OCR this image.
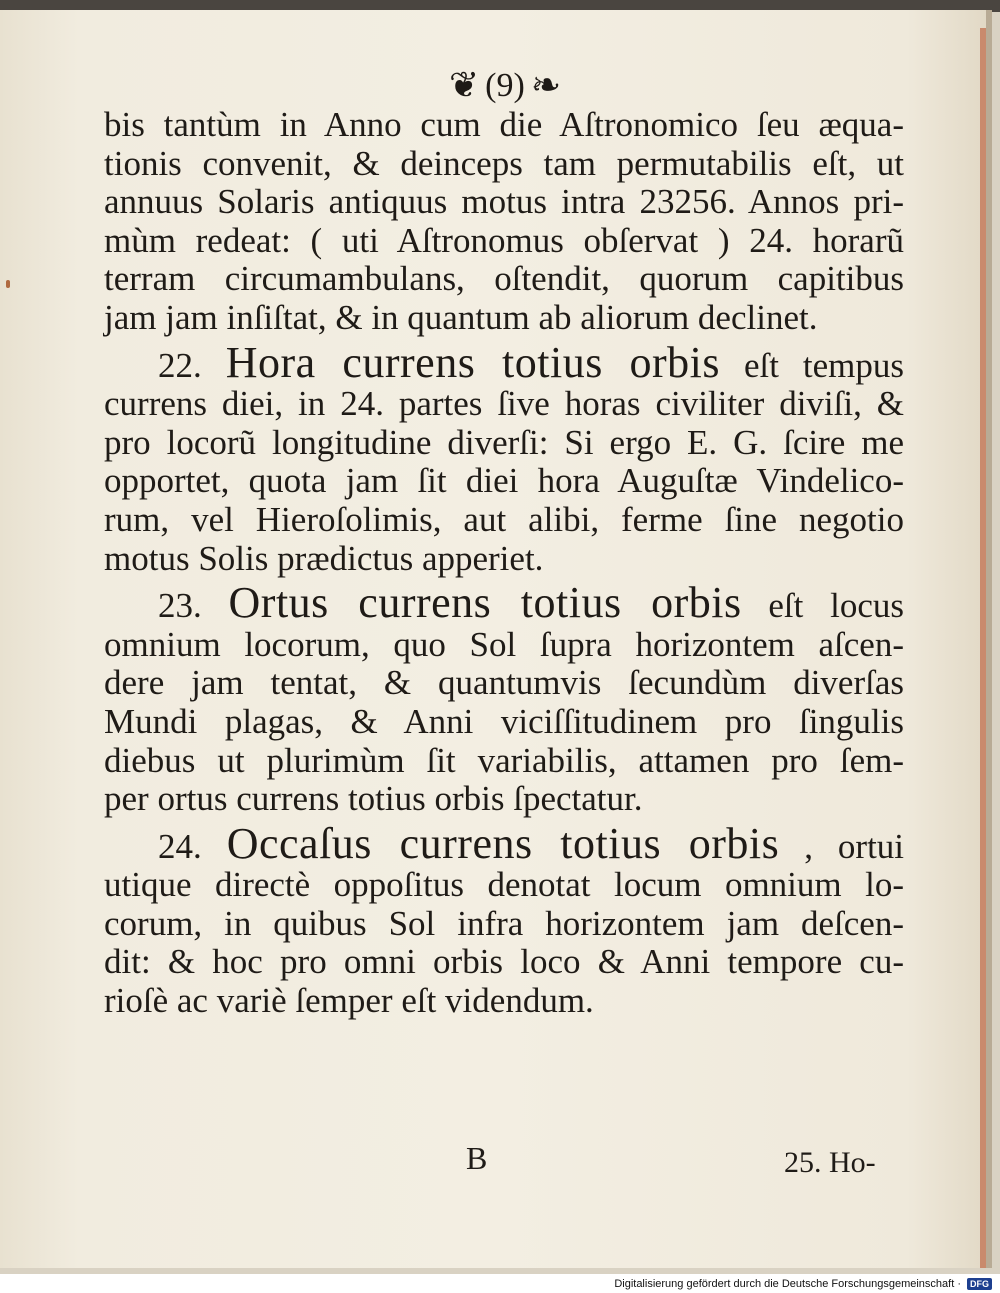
❦ (9) ❧
bis tantùm in Anno cum die Aſtronomico ſeu æqua-
tionis convenit, & deinceps tam permutabilis eſt, ut
annuus Solaris antiquus motus intra 23256. Annos pri-
mùm redeat: ( uti Aſtronomus obſervat ) 24. horarũ
terram circumambulans, oſtendit, quorum capitibus
jam jam inſiſtat, & in quantum ab aliorum declinet.
22. Hora currens totius orbis eſt tempus
currens diei, in 24. partes ſive horas civiliter diviſi, &
pro locorũ longitudine diverſi: Si ergo E. G. ſcire me
opportet, quota jam ſit diei hora Auguſtæ Vindelico-
rum, vel Hieroſolimis, aut alibi, ferme ſine negotio
motus Solis prædictus apperiet.
23. Ortus currens totius orbis eſt locus
omnium locorum, quo Sol ſupra horizontem aſcen-
dere jam tentat, & quantumvis ſecundùm diverſas
Mundi plagas, & Anni viciſſitudinem pro ſingulis
diebus ut plurimùm ſit variabilis, attamen pro ſem-
per ortus currens totius orbis ſpectatur.
24. Occaſus currens totius orbis , ortui
utique directè oppoſitus denotat locum omnium lo-
corum, in quibus Sol infra horizontem jam deſcen-
dit: & hoc pro omni orbis loco & Anni tempore cu-
rioſè ac variè ſemper eſt videndum.
B	25. Ho-
Digitalisierung gefördert durch die Deutsche Forschungsgemeinschaft ·	DFG
